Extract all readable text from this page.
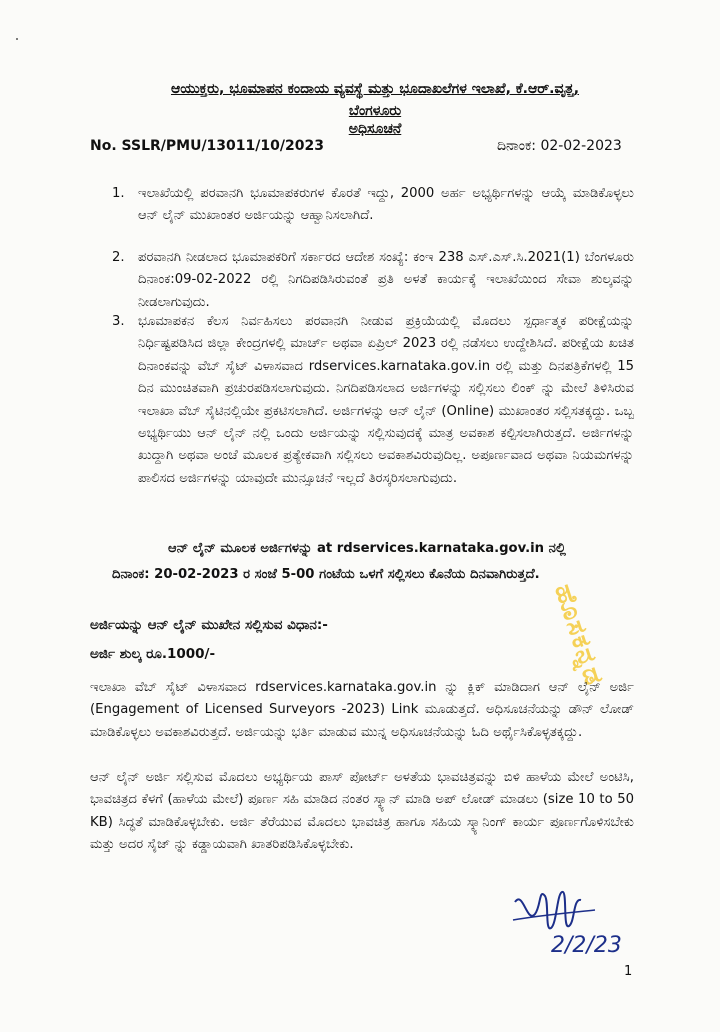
ಆಯುಕ್ತರು, ಭೂಮಾಪನ ಕಂದಾಯ ವ್ಯವಸ್ಥೆ ಮತ್ತು ಭೂದಾಖಲೆಗಳ ಇಲಾಖೆ, ಕೆ.ಆರ್.ವೃತ್ತ,
ಬೆಂಗಳೂರು
ಅಧಿಸೂಚನೆ
No. SSLR/PMU/13011/10/2023	ದಿನಾಂಕ: 02-02-2023
1. ಇಲಾಖೆಯಲ್ಲಿ ಪರವಾನಗಿ ಭೂಮಾಪಕರುಗಳ ಕೊರತೆ ಇದ್ದು, 2000 ಅರ್ಹ ಅಭ್ಯರ್ಥಿಗಳನ್ನು ಆಯ್ಕೆ ಮಾಡಿಕೊಳ್ಳಲು ಆನ್ ಲೈನ್ ಮುಖಾಂತರ ಅರ್ಜಿಯನ್ನು ಆಹ್ವಾನಿಸಲಾಗಿದೆ.
2. ಪರವಾನಗಿ ನೀಡಲಾದ ಭೂಮಾಪಕರಿಗೆ ಸರ್ಕಾರದ ಆದೇಶ ಸಂಖ್ಯೆ: ಕಂಇ 238 ಎಸ್.ಎಸ್.ಸಿ.2021(1) ಬೆಂಗಳೂರು ದಿನಾಂಕ:09-02-2022 ರಲ್ಲಿ ನಿಗದಿಪಡಿಸಿರುವಂತೆ ಪ್ರತಿ ಅಳತೆ ಕಾರ್ಯಕ್ಕೆ ಇಲಾಖೆಯಿಂದ ಸೇವಾ ಶುಲ್ಕವನ್ನು ನೀಡಲಾಗುವುದು.
3. ಭೂಮಾಪಕನ ಕೆಲಸ ನಿರ್ವಹಿಸಲು ಪರವಾನಗಿ ನೀಡುವ ಪ್ರಕ್ರಿಯೆಯಲ್ಲಿ ಮೊದಲು ಸ್ಪರ್ಧಾತ್ಮಕ ಪರೀಕ್ಷೆಯನ್ನು ನಿರ್ಧಿಷ್ಟಪಡಿಸಿದ ಜಿಲ್ಲಾ ಕೇಂದ್ರಗಳಲ್ಲಿ ಮಾರ್ಚ್ ಅಥವಾ ಏಪ್ರಿಲ್ 2023 ರಲ್ಲಿ ನಡೆಸಲು ಉದ್ದೇಶಿಸಿದೆ. ಪರೀಕ್ಷೆಯ ಖಚಿತ ದಿನಾಂಕವನ್ನು ವೆಬ್ ಸೈಟ್ ವಿಳಾಸವಾದ rdservices.karnataka.gov.in ರಲ್ಲಿ ಮತ್ತು ದಿನಪತ್ರಿಕೆಗಳಲ್ಲಿ 15 ದಿನ ಮುಂಚಿತವಾಗಿ ಪ್ರಚುರಪಡಿಸಲಾಗುವುದು. ನಿಗದಿಪಡಿಸಲಾದ ಅರ್ಜಿಗಳನ್ನು ಸಲ್ಲಿಸಲು ಲಿಂಕ್ ನ್ನು ಮೇಲೆ ತಿಳಿಸಿರುವ ಇಲಾಖಾ ವೆಬ್ ಸೈಟಿನಲ್ಲಿಯೇ ಪ್ರಕಟಿಸಲಾಗಿದೆ. ಅರ್ಜಿಗಳನ್ನು ಆನ್ ಲೈನ್ (Online) ಮುಖಾಂತರ ಸಲ್ಲಿಸತಕ್ಕದ್ದು. ಒಬ್ಬ ಅಭ್ಯರ್ಥಿಯು ಆನ್ ಲೈನ್ ನಲ್ಲಿ ಒಂದು ಅರ್ಜಿಯನ್ನು ಸಲ್ಲಿಸುವುದಕ್ಕೆ ಮಾತ್ರ ಅವಕಾಶ ಕಲ್ಪಿಸಲಾಗಿರುತ್ತದೆ. ಅರ್ಜಿಗಳನ್ನು ಖುದ್ದಾಗಿ ಅಥವಾ ಅಂಚೆ ಮೂಲಕ ಪ್ರತ್ಯೇಕವಾಗಿ ಸಲ್ಲಿಸಲು ಅವಕಾಶವಿರುವುದಿಲ್ಲ. ಅಪೂರ್ಣವಾದ ಅಥವಾ ನಿಯಮಗಳನ್ನು ಪಾಲಿಸದ ಅರ್ಜಿಗಳನ್ನು ಯಾವುದೇ ಮುನ್ಸೂಚನೆ ಇಲ್ಲದೆ ತಿರಸ್ಕರಿಸಲಾಗುವುದು.
ಆನ್ ಲೈನ್ ಮೂಲಕ ಅರ್ಜಿಗಳನ್ನು at rdservices.karnataka.gov.in ನಲ್ಲಿ
ದಿನಾಂಕ: 20-02-2023 ರ ಸಂಜೆ 5-00 ಗಂಟೆಯ ಒಳಗೆ ಸಲ್ಲಿಸಲು ಕೊನೆಯ ದಿನವಾಗಿರುತ್ತದೆ.
ಹೊಸಕನ್ನಡ
ಅರ್ಜಿಯನ್ನು ಆನ್ ಲೈನ್ ಮುಖೇನ ಸಲ್ಲಿಸುವ ವಿಧಾನ:-
ಅರ್ಜಿ ಶುಲ್ಕ ರೂ.1000/-
ಇಲಾಖಾ ವೆಬ್ ಸೈಟ್ ವಿಳಾಸವಾದ rdservices.karnataka.gov.in ನ್ನು ಕ್ಲಿಕ್ ಮಾಡಿದಾಗ ಆನ್ ಲೈನ್ ಅರ್ಜಿ (Engagement of Licensed Surveyors -2023) Link ಮೂಡುತ್ತದೆ. ಅಧಿಸೂಚನೆಯನ್ನು ಡೌನ್ ಲೋಡ್ ಮಾಡಿಕೊಳ್ಳಲು ಅವಕಾಶವಿರುತ್ತದೆ. ಅರ್ಜಿಯನ್ನು ಭರ್ತಿ ಮಾಡುವ ಮುನ್ನ ಅಧಿಸೂಚನೆಯನ್ನು ಓದಿ ಅರ್ಥೈಸಿಕೊಳ್ಳತಕ್ಕದ್ದು.
ಆನ್ ಲೈನ್ ಅರ್ಜಿ ಸಲ್ಲಿಸುವ ಮೊದಲು ಅಭ್ಯರ್ಥಿಯ ಪಾಸ್ ಪೋರ್ಟ್ ಅಳತೆಯ ಭಾವಚಿತ್ರವನ್ನು ಬಿಳಿ ಹಾಳೆಯ ಮೇಲೆ ಅಂಟಿಸಿ, ಭಾವಚಿತ್ರದ ಕೆಳಗೆ (ಹಾಳೆಯ ಮೇಲೆ) ಪೂರ್ಣ ಸಹಿ ಮಾಡಿದ ನಂತರ ಸ್ಕ್ಯಾನ್ ಮಾಡಿ ಅಪ್ ಲೋಡ್ ಮಾಡಲು (size 10 to 50 KB) ಸಿದ್ಧತೆ ಮಾಡಿಕೊಳ್ಳಬೇಕು. ಅರ್ಜಿ ತೆರೆಯುವ ಮೊದಲು ಭಾವಚಿತ್ರ ಹಾಗೂ ಸಹಿಯ ಸ್ಕ್ಯಾನಿಂಗ್ ಕಾರ್ಯ ಪೂರ್ಣಗೊಳಿಸಬೇಕು ಮತ್ತು ಅದರ ಸೈಜ್ ನ್ನು ಕಡ್ಡಾಯವಾಗಿ ಖಾತರಿಪಡಿಸಿಕೊಳ್ಳಬೇಕು.
2/2/23
1
